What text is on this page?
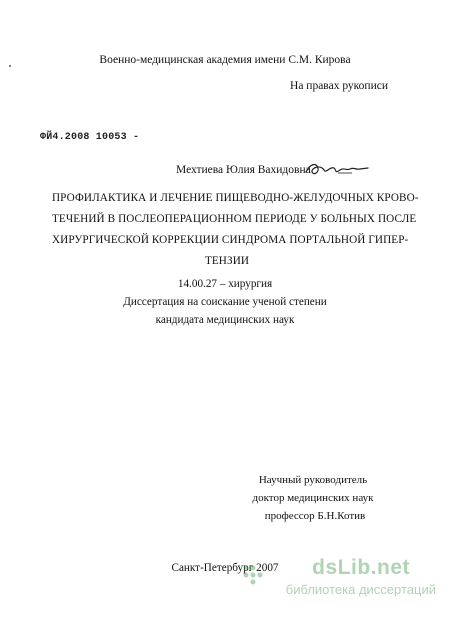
Военно-медицинская академия имени С.М. Кирова
На правах рукописи
ФЙ4.2008 10053 -
Мехтиева Юлия Вахидовна
ПРОФИЛАКТИКА И ЛЕЧЕНИЕ ПИЩЕВОДНО-ЖЕЛУДОЧНЫХ КРОВО-
ТЕЧЕНИЙ В ПОСЛЕОПЕРАЦИОННОМ ПЕРИОДЕ У БОЛЬНЫХ ПОСЛЕ
ХИРУРГИЧЕСКОЙ КОРРЕКЦИИ СИНДРОМА ПОРТАЛЬНОЙ ГИПЕР-
ТЕНЗИИ
14.00.27 – хирургия
Диссертация на соискание ученой степени
кандидата медицинских наук
Научный руководитель
доктор медицинских наук
профессор Б.Н.Котив
Санкт-Петербург 2007	dsLib.net
библиотека диссертаций
